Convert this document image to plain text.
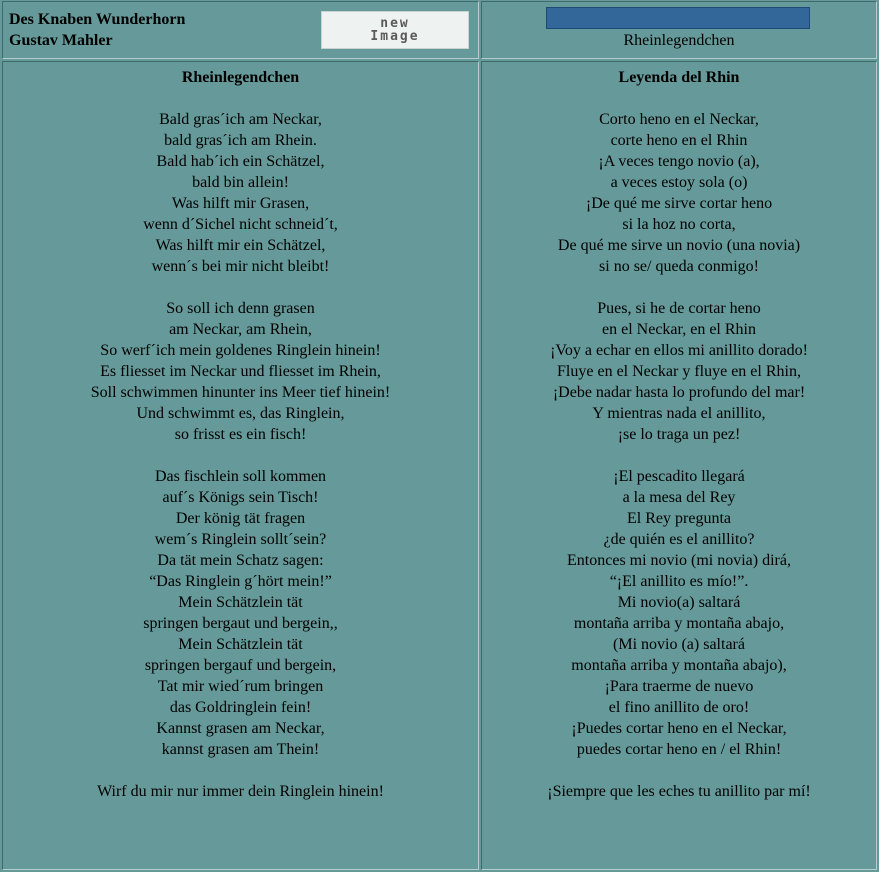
Des Knaben Wunderhorn
Gustav Mahler
new
Image	Rheinlegendchen
Rheinlegendchen
Bald gras´ich am Neckar,
bald gras´ich am Rhein.
Bald hab´ich ein Schätzel,
bald bin allein!
Was hilft mir Grasen,
wenn d´Sichel nicht schneid´t,
Was hilft mir ein Schätzel,
wenn´s bei mir nicht bleibt!
So soll ich denn grasen
am Neckar, am Rhein,
So werf´ich mein goldenes Ringlein hinein!
Es fliesset im Neckar und fliesset im Rhein,
Soll schwimmen hinunter ins Meer tief hinein!
Und schwimmt es, das Ringlein,
so frisst es ein fisch!
Das fischlein soll kommen
auf´s Königs sein Tisch!
Der könig tät fragen
wem´s Ringlein sollt´sein?
Da tät mein Schatz sagen:
“Das Ringlein g´hört mein!”
Mein Schätzlein tät
springen bergaut und bergein,,
Mein Schätzlein tät
springen bergauf und bergein,
Tat mir wied´rum bringen
das Goldringlein fein!
Kannst grasen am Neckar,
kannst grasen am Thein!
Wirf du mir nur immer dein Ringlein hinein!
Leyenda del Rhin
Corto heno en el Neckar,
corte heno en el Rhin
¡A veces tengo novio (a),
a veces estoy sola (o)
¡De qué me sirve cortar heno
si la hoz no corta,
De qué me sirve un novio (una novia)
si no se/ queda conmigo!
Pues, si he de cortar heno
en el Neckar, en el Rhin
¡Voy a echar en ellos mi anillito dorado!
Fluye en el Neckar y fluye en el Rhin,
¡Debe nadar hasta lo profundo del mar!
Y mientras nada el anillito,
¡se lo traga un pez!
¡El pescadito llegará
a la mesa del Rey
El Rey pregunta
¿de quién es el anillito?
Entonces mi novio (mi novia) dirá,
“¡El anillito es mío!”.
Mi novio(a) saltará
montaña arriba y montaña abajo,
(Mi novio (a) saltará
montaña arriba y montaña abajo),
¡Para traerme de nuevo
el fino anillito de oro!
¡Puedes cortar heno en el Neckar,
puedes cortar heno en / el Rhin!
¡Siempre que les eches tu anillito par mí!
